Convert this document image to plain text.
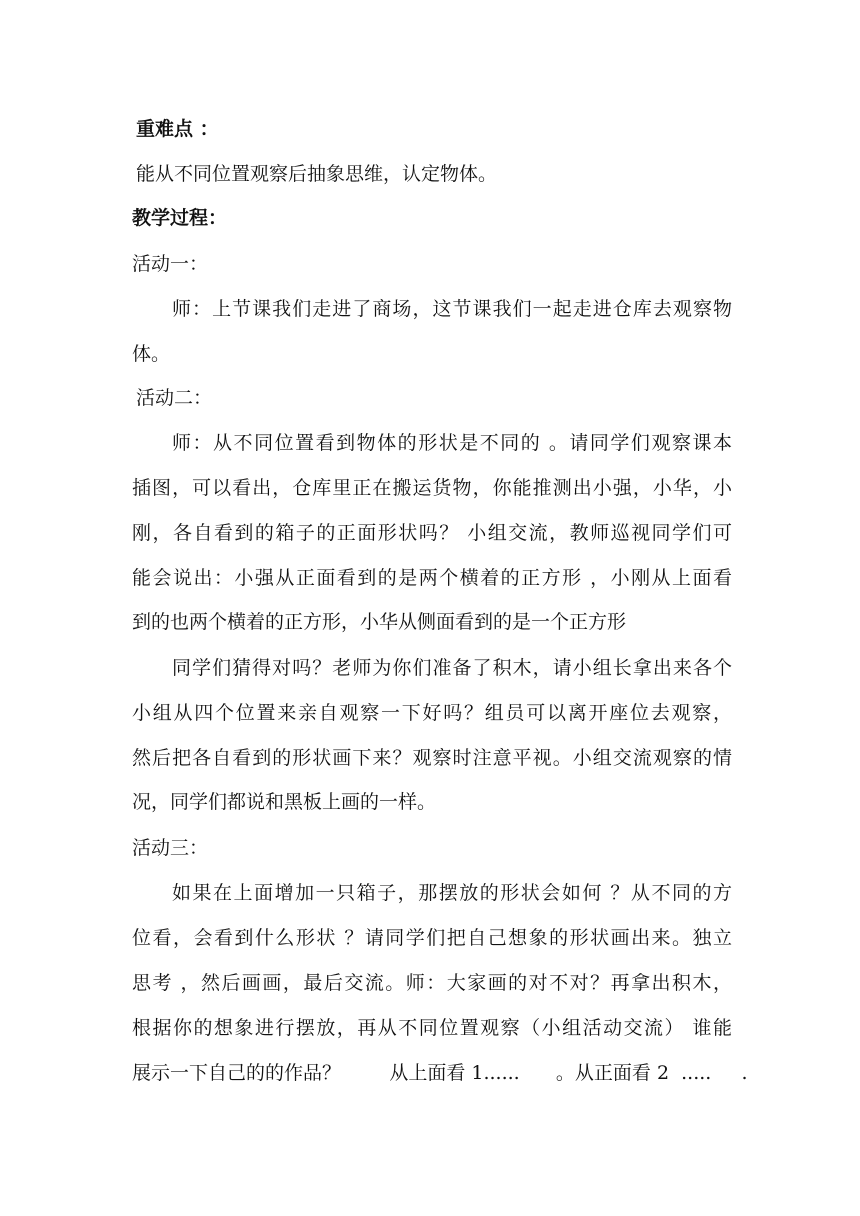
重难点 ：
能从不同位置观察后抽象思维，认定物体。
教学过程：
活动一：
师：上节课我们走进了商场，这节课我们一起走进仓库去观察物
体。
活动二：
师：从不同位置看到物体的形状是不同的 。请同学们观察课本
插图，可以看出，仓库里正在搬运货物，你能推测出小强，小华，小
刚，各自看到的箱子的正面形状吗？ 小组交流，教师巡视同学们可
能会说出：小强从正面看到的是两个横着的正方形 ，小刚从上面看
到的也两个横着的正方形，小华从侧面看到的是一个正方形
同学们猜得对吗？老师为你们准备了积木，请小组长拿出来各个
小组从四个位置来亲自观察一下好吗？组员可以离开座位去观察，
然后把各自看到的形状画下来？观察时注意平视。小组交流观察的情
况，同学们都说和黑板上画的一样。
活动三：
如果在上面增加一只箱子，那摆放的形状会如何 ？从不同的方
位看，会看到什么形状 ？请同学们把自己想象的形状画出来。独立
思考 ，然后画画，最后交流。师：大家画的对不对？再拿出积木，
根据你的想象进行摆放，再从不同位置观察（小组活动交流） 谁能
展示一下自己的的作品？        从上面看 1......      。从正面看 2  .....     .
